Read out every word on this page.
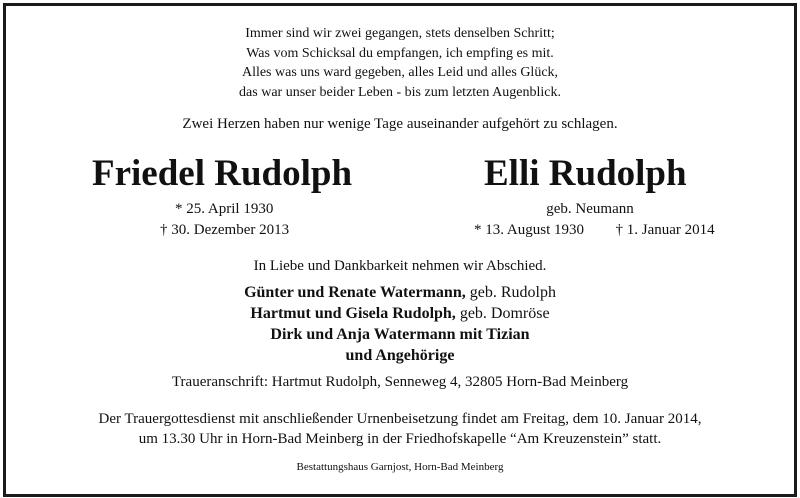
Immer sind wir zwei gegangen, stets denselben Schritt;
Was vom Schicksal du empfangen, ich empfing es mit.
Alles was uns ward gegeben, alles Leid und alles Glück,
das war unser beider Leben - bis zum letzten Augenblick.
Zwei Herzen haben nur wenige Tage auseinander aufgehört zu schlagen.
Friedel Rudolph
* 25. April 1930
† 30. Dezember 2013
Elli Rudolph
geb. Neumann
* 13. August 1930 † 1. Januar 2014
In Liebe und Dankbarkeit nehmen wir Abschied.
Günter und Renate Watermann, geb. Rudolph
Hartmut und Gisela Rudolph, geb. Domröse
Dirk und Anja Watermann mit Tizian
und Angehörige
Traueranschrift: Hartmut Rudolph, Senneweg 4, 32805 Horn-Bad Meinberg
Der Trauergottesdienst mit anschließender Urnenbeisetzung findet am Freitag, dem 10. Januar 2014,
um 13.30 Uhr in Horn-Bad Meinberg in der Friedhofskapelle “Am Kreuzenstein” statt.
Bestattungshaus Garnjost, Horn-Bad Meinberg
